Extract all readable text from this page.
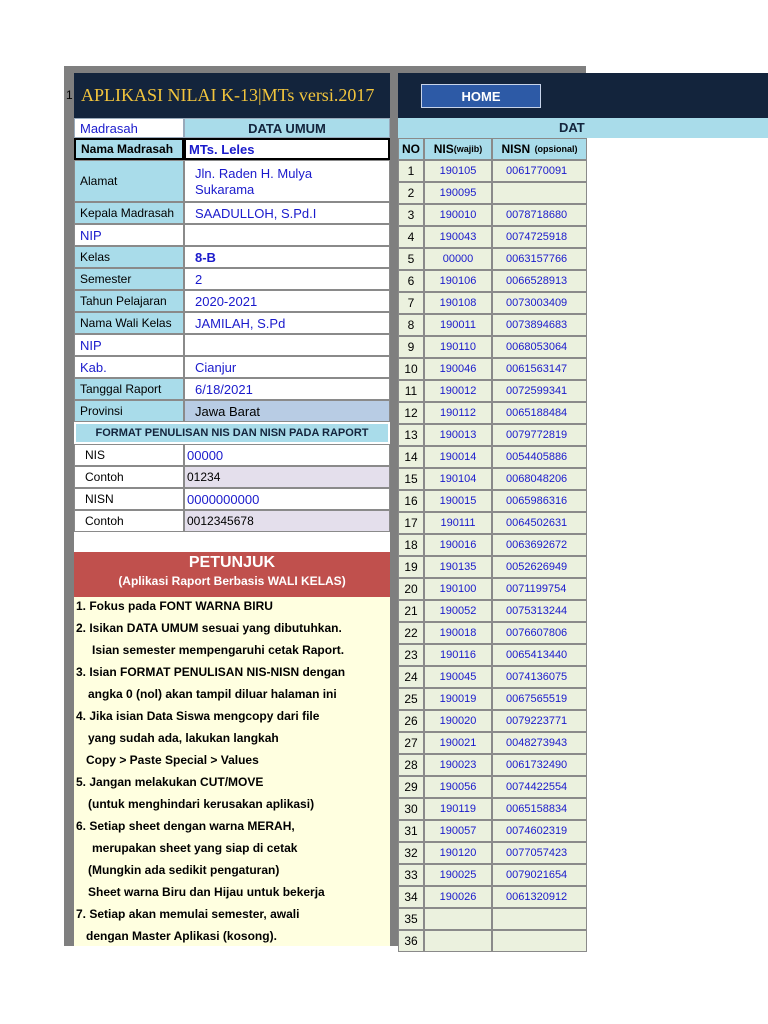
1 APLIKASI NILAI K-13|MTs versi.2017	HOME
DAT
Madrasah	DATA UMUM
Nama Madrasah	MTs. Leles
Alamat	Jln. Raden H. Mulya
Sukarama
Kepala Madrasah	SAADULLOH, S.Pd.I
NIP
Kelas	8-B
Semester	2
Tahun Pelajaran	2020-2021
Nama Wali Kelas	JAMILAH, S.Pd
NIP
Kab.	Cianjur
Tanggal Raport	6/18/2021
Provinsi	Jawa Barat
FORMAT PENULISAN NIS DAN NISN PADA RAPORT
NIS	00000
Contoh	01234
NISN	0000000000
Contoh	0012345678
PETUNJUK
(Aplikasi Raport Berbasis WALI KELAS)
1. Fokus pada FONT WARNA BIRU
2. Isikan DATA UMUM sesuai yang dibutuhkan.
Isian semester mempengaruhi cetak Raport.
3. Isian FORMAT PENULISAN NIS-NISN dengan
angka 0 (nol) akan tampil diluar halaman ini
4. Jika isian Data Siswa mengcopy dari file
yang sudah ada, lakukan langkah
Copy > Paste Special > Values
5. Jangan melakukan CUT/MOVE
(untuk menghindari kerusakan aplikasi)
6. Setiap sheet dengan warna MERAH,
merupakan sheet yang siap di cetak
(Mungkin ada sedikit pengaturan)
Sheet warna Biru dan Hijau untuk bekerja
7. Setiap akan memulai semester, awali
dengan Master Aplikasi (kosong).
NO	NIS (wajib) NISN
(opsional)
1	190105	0061770091
2	190095
3	190010	0078718680
4	190043	0074725918
5	00000	0063157766
6	190106	0066528913
7	190108	0073003409
8	190011	0073894683
9	190110	0068053064
10	190046	0061563147
11	190012	0072599341
12	190112	0065188484
13	190013	0079772819
14	190014	0054405886
15	190104	0068048206
16	190015	0065986316
17	190111	0064502631
18	190016	0063692672
19	190135	0052626949
20	190100	0071199754
21	190052	0075313244
22	190018	0076607806
23	190116	0065413440
24	190045	0074136075
25	190019	0067565519
26	190020	0079223771
27	190021	0048273943
28	190023	0061732490
29	190056	0074422554
30	190119	0065158834
31	190057	0074602319
32	190120	0077057423
33	190025	0079021654
34	190026	0061320912
35
36
